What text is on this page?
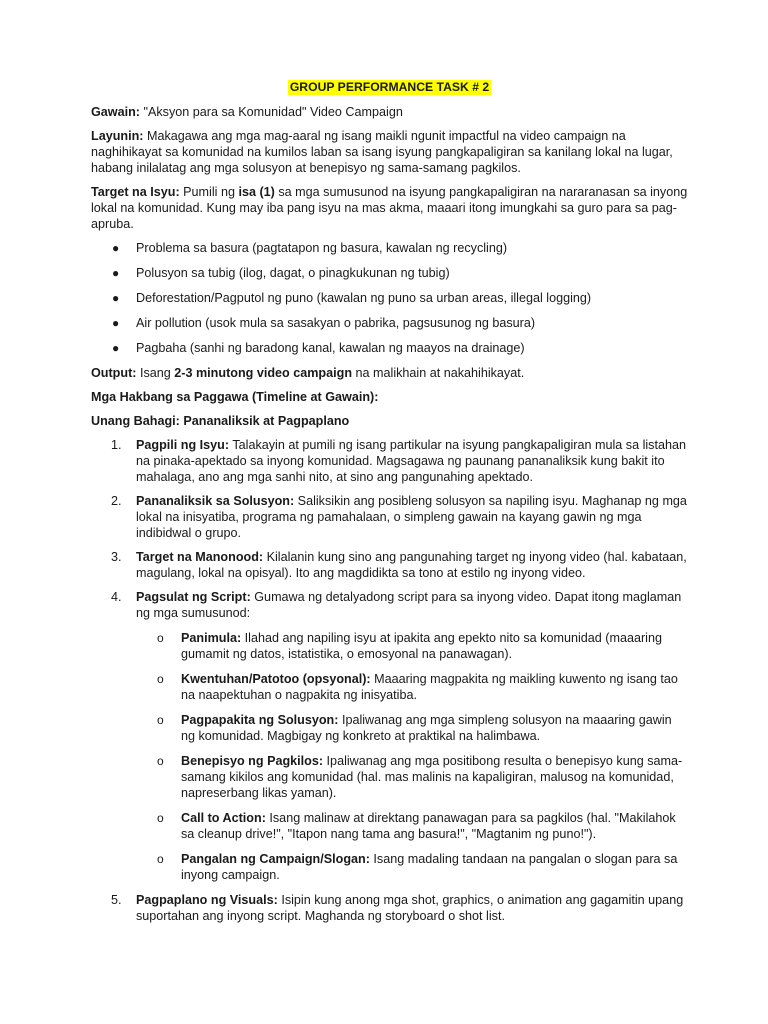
GROUP PERFORMANCE TASK # 2

Gawain: "Aksyon para sa Komunidad" Video Campaign

Layunin: Makagawa ang mga mag-aaral ng isang maikli ngunit impactful na video campaign na naghihikayat sa komunidad na kumilos laban sa isang isyung pangkapaligiran sa kanilang lokal na lugar, habang inilalatag ang mga solusyon at benepisyo ng sama-samang pagkilos.

Target na Isyu: Pumili ng isa (1) sa mga sumusunod na isyung pangkapaligiran na nararanasan sa inyong lokal na komunidad. Kung may iba pang isyu na mas akma, maaari itong imungkahi sa guro para sa pag-apruba.

● Problema sa basura (pagtatapon ng basura, kawalan ng recycling)
● Polusyon sa tubig (ilog, dagat, o pinagkukunan ng tubig)
● Deforestation/Pagputol ng puno (kawalan ng puno sa urban areas, illegal logging)
● Air pollution (usok mula sa sasakyan o pabrika, pagsusunog ng basura)
● Pagbaha (sanhi ng baradong kanal, kawalan ng maayos na drainage)

Output: Isang 2-3 minutong video campaign na malikhain at nakahihikayat.

Mga Hakbang sa Paggawa (Timeline at Gawain):

Unang Bahagi: Pananaliksik at Pagpaplano

1. Pagpili ng Isyu: Talakayin at pumili ng isang partikular na isyung pangkapaligiran mula sa listahan na pinaka-apektado sa inyong komunidad. Magsagawa ng paunang pananaliksik kung bakit ito mahalaga, ano ang mga sanhi nito, at sino ang pangunahing apektado.
2. Pananaliksik sa Solusyon: Saliksikin ang posibleng solusyon sa napiling isyu. Maghanap ng mga lokal na inisyatiba, programa ng pamahalaan, o simpleng gawain na kayang gawin ng mga indibidwal o grupo.
3. Target na Manonood: Kilalanin kung sino ang pangunahing target ng inyong video (hal. kabataan, magulang, lokal na opisyal). Ito ang magdidikta sa tono at estilo ng inyong video.
4. Pagsulat ng Script: Gumawa ng detalyadong script para sa inyong video. Dapat itong maglaman ng mga sumusunod:
o Panimula: Ilahad ang napiling isyu at ipakita ang epekto nito sa komunidad (maaaring gumamit ng datos, istatistika, o emosyonal na panawagan).
o Kwentuhan/Patotoo (opsyonal): Maaaring magpakita ng maikling kuwento ng isang tao na naapektuhan o nagpakita ng inisyatiba.
o Pagpapakita ng Solusyon: Ipaliwanag ang mga simpleng solusyon na maaaring gawin ng komunidad. Magbigay ng konkreto at praktikal na halimbawa.
o Benepisyo ng Pagkilos: Ipaliwanag ang mga positibong resulta o benepisyo kung sama-samang kikilos ang komunidad (hal. mas malinis na kapaligiran, malusog na komunidad, napreserbang likas yaman).
o Call to Action: Isang malinaw at direktang panawagan para sa pagkilos (hal. "Makilahok sa cleanup drive!", "Itapon nang tama ang basura!", "Magtanim ng puno!").
o Pangalan ng Campaign/Slogan: Isang madaling tandaan na pangalan o slogan para sa inyong campaign.
5. Pagpaplano ng Visuals: Isipin kung anong mga shot, graphics, o animation ang gagamitin upang suportahan ang inyong script. Maghanda ng storyboard o shot list.
